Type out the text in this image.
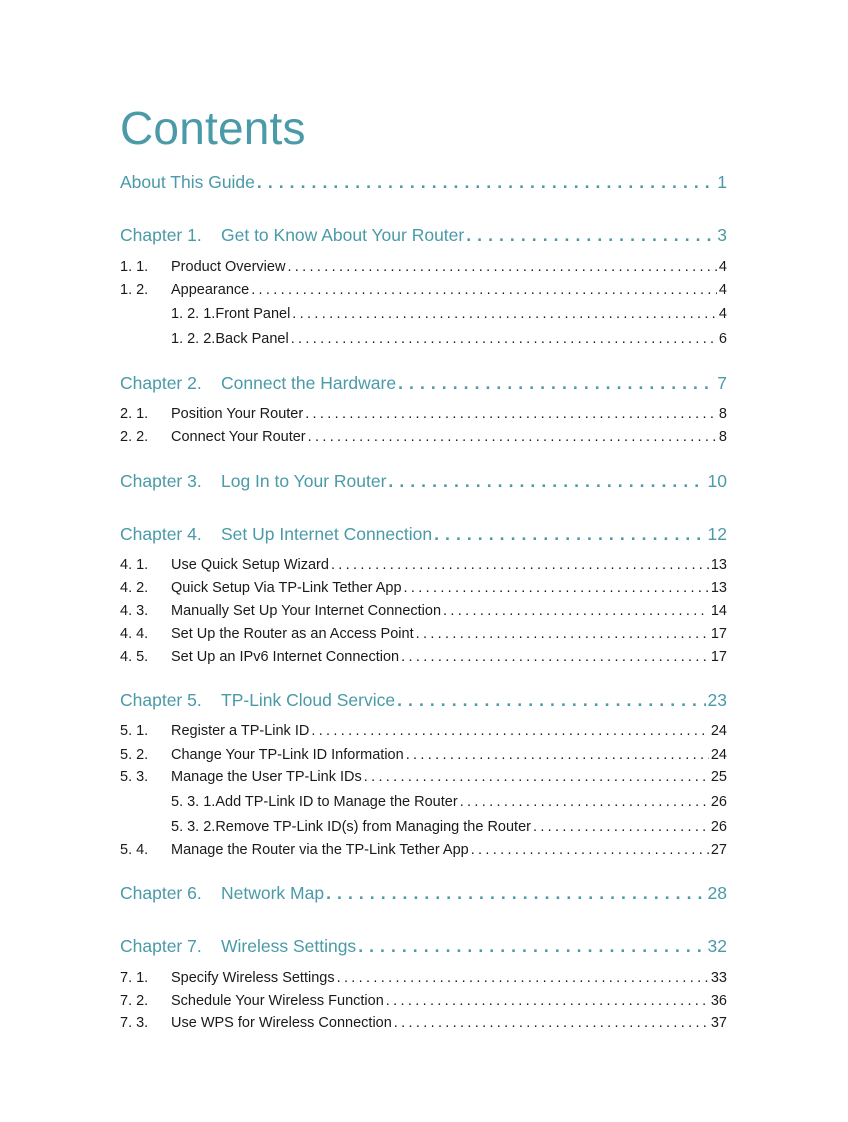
Contents
About This Guide . . .	1
Chapter 1.	Get to Know About Your Router . . .	3
1. 1.	Product Overview . . .	4
1. 2.	Appearance . . .	4
1. 2. 1.Front Panel . . .	4
1. 2. 2.Back Panel . . .	6
Chapter 2.	Connect the Hardware . . .	7
2. 1.	Position Your Router . . .	8
2. 2.	Connect Your Router . . .	8
Chapter 3.	Log In to Your Router . . .	10
Chapter 4.	Set Up Internet Connection . . .	12
4. 1.	Use Quick Setup Wizard . . .	13
4. 2.	Quick Setup Via TP-Link Tether App . . .	13
4. 3.	Manually Set Up Your Internet Connection . . .	14
4. 4.	Set Up the Router as an Access Point . . .	17
4. 5.	Set Up an IPv6 Internet Connection . . .	17
Chapter 5.	TP-Link Cloud Service . . .	23
5. 1.	Register a TP-Link ID . . .	24
5. 2.	Change Your TP-Link ID Information . . .	24
5. 3.	Manage the User TP-Link IDs . . .	25
5. 3. 1.Add TP-Link ID to Manage the Router . . .	26
5. 3. 2.Remove TP-Link ID(s) from Managing the Router . . .	26
5. 4.	Manage the Router via the TP-Link Tether App . . .	27
Chapter 6.	Network Map . . .	28
Chapter 7.	Wireless Settings . . .	32
7. 1.	Specify Wireless Settings . . .	33
7. 2.	Schedule Your Wireless Function . . .	36
7. 3.	Use WPS for Wireless Connection . . .	37
